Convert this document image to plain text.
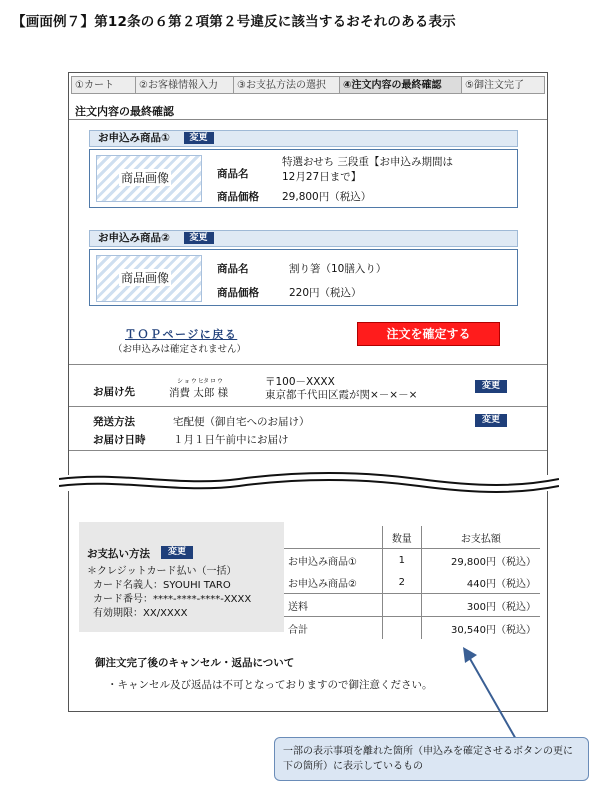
【画面例７】第12条の６第２項第２号違反に該当するおそれのある表示
①カート	②お客様情報入力	③お支払方法の選択	④注文内容の最終確認	⑤御注文完了
注文内容の最終確認
お申込み商品① 変更
商品画像	商品名
特選おせち 三段重【お申込み期間は
12月27日まで】
商品価格 29,800円（税込）
お申込み商品② 変更
商品画像
商品名	割り箸（10膳入り）
商品価格	220円（税込）
ＴＯＰページに戻る
（お申込みは確定されません）
注文を確定する
お届け先
ショウヒ
タロウ
消費 太郎 様
〒100－XXXX
東京都千代田区霞が関×－×－×
変更
発送方法	宅配便（御自宅へのお届け）	変更
お届け日時	１月１日午前中にお届け
お支払い方法	変更
＊クレジットカード払い（一括）
カード名義人：SYOUHI TARO
カード番号：****-****-****-XXXX
有効期限：XX/XXXX
	数量	お支払額
お申込み商品①	1	29,800円（税込）
お申込み商品②	2	440円（税込）
送料		300円（税込）
合計		30,540円（税込）
御注文完了後のキャンセル・返品について
・キャンセル及び返品は不可となっておりますので御注意ください。
一部の表示事項を離れた箇所（申込みを確定させるボタンの更に下の箇所）に表示しているもの
